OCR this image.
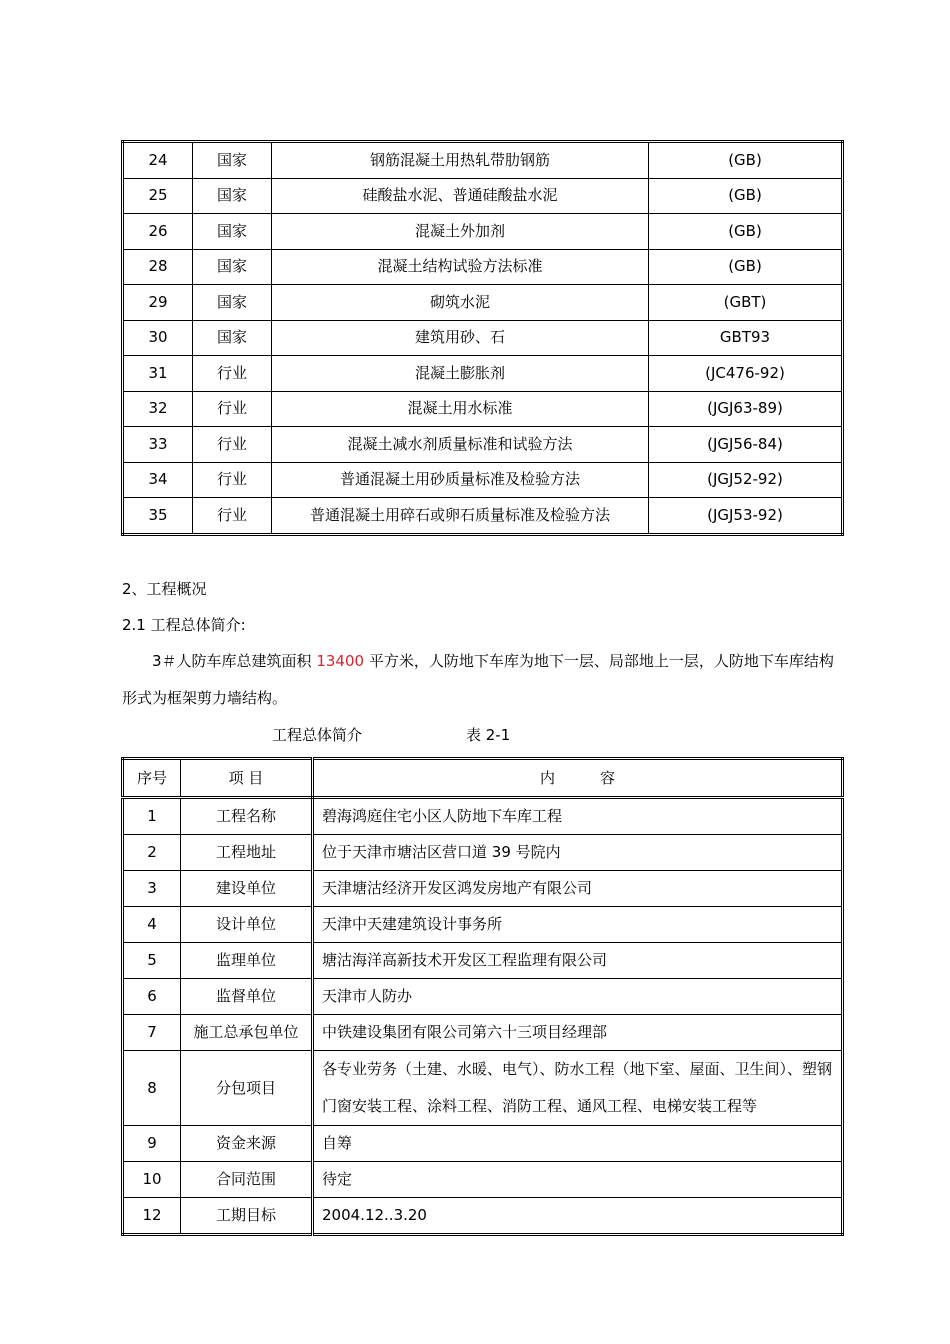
24	国家	钢筋混凝土用热轧带肋钢筋	(GB)
25	国家	硅酸盐水泥、普通硅酸盐水泥	(GB)
26	国家	混凝土外加剂	(GB)
28	国家	混凝土结构试验方法标准	(GB)
29	国家	砌筑水泥	(GBT)
30	国家	建筑用砂、石	GBT93
31	行业	混凝土膨胀剂	(JC476-92)
32	行业	混凝土用水标准	(JGJ63-89)
33	行业	混凝土减水剂质量标准和试验方法	(JGJ56-84)
34	行业	普通混凝土用砂质量标准及检验方法	(JGJ52-92)
35	行业	普通混凝土用碎石或卵石质量标准及检验方法	(JGJ53-92)
2、工程概况
2.1 工程总体简介:
3＃人防车库总建筑面积 13400 平方米，人防地下车库为地下一层、局部地上一层，人防地下车库结构形式为框架剪力墙结构。
工程总体简介	表 2-1
序号	项 目	内　　　容
1	工程名称	碧海鸿庭住宅小区人防地下车库工程
2	工程地址	位于天津市塘沽区营口道 39 号院内
3	建设单位	天津塘沽经济开发区鸿发房地产有限公司
4	设计单位	天津中天建建筑设计事务所
5	监理单位	塘沽海洋高新技术开发区工程监理有限公司
6	监督单位	天津市人防办
7	施工总承包单位	中铁建设集团有限公司第六十三项目经理部
8	分包项目	各专业劳务（土建、水暖、电气）、防水工程（地下室、屋面、卫生间）、塑钢门窗安装工程、涂料工程、消防工程、通风工程、电梯安装工程等
9	资金来源	自筹
10	合同范围	待定
12	工期目标	2004.12..3.20
